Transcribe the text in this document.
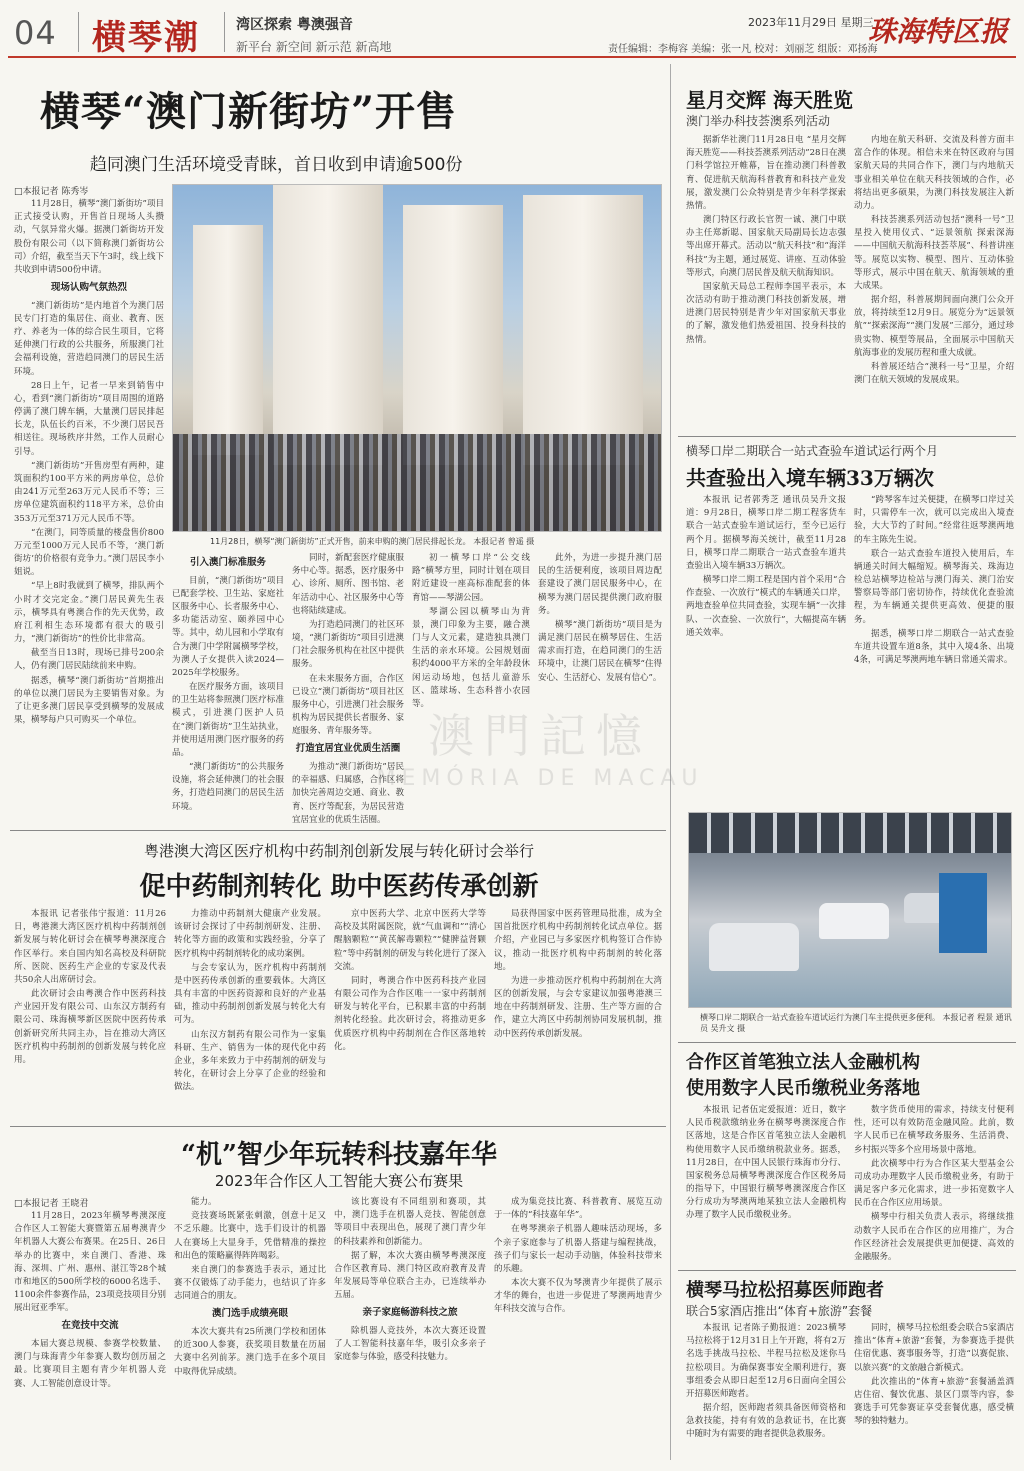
04 横琴潮	湾区探索 粤澳强音
新平台 新空间 新示范 新高地
2023年11月29日 星期三
责任编辑：李梅容 美编：张一凡 校对：刘丽芝 组版：邓扬海
珠海特区报
横琴“澳门新街坊”开售
趋同澳门生活环境受青睐，首日收到申请逾500份
□本报记者 陈秀岑

11月28日，横琴“澳门新街坊”项目正式接受认购，开售首日现场人头攒动，气氛异常火爆。据澳门新街坊开发股份有限公司（以下简称澳门新街坊公司）介绍，截至当天下午3时，线上线下共收到申请500份申请。

现场认购气氛热烈

“澳门新街坊”是内地首个为澳门居民专门打造的集居住、商业、教育、医疗、养老为一体的综合民生项目，它将延伸澳门行政的公共服务，所服澳门社会福利设施，营造趋同澳门的居民生活环境。

28日上午，记者一早来到销售中心，看到“澳门新街坊”项目周围的道路停满了澳门牌车辆，大量澳门居民排起长龙，队伍长约百米，不少澳门居民吾相送往。现场秩序井然，工作人员耐心引导。

“澳门新街坊”开售房型有两种，建筑面积约100平方米的两房单位，总价由241万元至263万元人民币不等；三房单位建筑面积约118平方米，总价由353万元至371万元人民币不等。

“在澳门，同等质量的楼盘售价800万元至1000万元人民币不等，‘澳门新街坊’的价格很有竞争力。”澳门居民李小姐说。

“早上8时我就到了横琴，排队两个小时才交完定金。”澳门居民黄先生表示，横琴具有粤澳合作的先天优势，政府江利相生态环境都有很大的吸引力，“澳门新街坊”的性价比非常高。

截至当日13时，现场已排号200余人，仍有澳门居民陆续前来申购。

据悉，横琴“澳门新街坊”首期推出的单位以澳门居民为主要销售对象。为了让更多澳门居民享受到横琴的发展成果，横琴每户只可购买一个单位。

11月28日，横琴“澳门新街坊”正式开售，前来申购的澳门居民排起长龙。 本报记者 曾遥 摄
引入澳门标准服务

目前，“澳门新街坊”项目已配套学校、卫生站、家庭社区服务中心、长者服务中心、多功能活动室、颐养园中心等。其中，幼儿园和小学取有合为澳门中学附属横琴学校，为澳人子女提供入读2024—2025年学校服务。

在医疗服务方面，该项目的卫生站将参照澳门医疗标准模式，引进澳门医护人员在“澳门新街坊”卫生站执业，并使用适用澳门医疗服务的药品。

“澳门新街坊”的公共服务设施，将会延伸澳门的社会服务，打造趋同澳门的居民生活环境。

同时，新配套医疗健康服务中心等。据悉，医疗服务中心、诊所、厕所、图书馆、老年活动中心、社区服务中心等也将陆续建成。

为打造趋同澳门的社区环境，“澳门新街坊”项目引进澳门社会服务机构在社区中提供服务。

在未来服务方面，合作区已设立“澳门新街坊”项目社区服务中心，引进澳门社会服务机构为居民提供长者服务、家庭服务、青年服务等。

打造宜居宜业优质生活圈

为推动“澳门新街坊”居民的幸福感、归属感，合作区将加快完善周边交通、商业、教育、医疗等配套，为居民营造宜居宜业的优质生活圈。

初一横琴口岸“公交线路”横琴方里，同时计划在项目附近建设一座高标准配套的体育馆——琴湖公园。

琴湖公园以横琴山为背景，澳门印象为主要，融合澳门与人文元素，建造独具澳门生活的亲水环境。公园规划面积约4000平方米的全年龄段休闲运动场地，包括儿童游乐区、篮球场、生态科普小农园等。

此外，为进一步提升澳门居民的生活便利度，该项目周边配套建设了澳门居民服务中心，在横琴为澳门居民提供澳门政府服务。

横琴“澳门新街坊”项目是为满足澳门居民在横琴居住、生活需求而打造，在趋同澳门的生活环境中，让澳门居民在横琴“住得安心、生活舒心、发展有信心”。

粤港澳大湾区医疗机构中药制剂创新发展与转化研讨会举行
促中药制剂转化 助中医药传承创新

本报讯 记者张伟宁报道：11月26日，粤港澳大湾区医疗机构中药制剂创新发展与转化研讨会在横琴粤澳深度合作区举行。来自国内知名高校及科研院所、医院、医药生产企业的专家及代表共50余人出席研讨会。

此次研讨会由粤澳合作中医药科技产业园开发有限公司、山东汉方制药有限公司、珠海横琴新区医院中医药传承创新研究所共同主办，旨在推动大湾区医疗机构中药制剂的创新发展与转化应用。

力推动中药制剂大健康产业发展。该研讨会探讨了中药制剂研发、注册、转化等方面的政策和实践经验，分享了医疗机构中药制剂转化的成功案例。

与会专家认为，医疗机构中药制剂是中医药传承创新的重要载体。大湾区具有丰富的中医药资源和良好的产业基础，推动中药制剂创新发展与转化大有可为。

山东汉方制药有限公司作为一家集科研、生产、销售为一体的现代化中药企业，多年来致力于中药制剂的研发与转化，在研讨会上分享了企业的经验和做法。

京中医药大学、北京中医药大学等高校及其附属医院，就“气血调和”“清心醒脑颗粒”“黄芪解毒颗粒”“健脾益肾颗粒”等中药制剂的研发与转化进行了深入交流。

同时，粤澳合作中医药科技产业园有限公司作为合作区唯一一家中药制剂研发与转化平台，已积累丰富的中药制剂转化经验。此次研讨会，将推动更多优质医疗机构中药制剂在合作区落地转化。

局获得国家中医药管理局批准，成为全国首批医疗机构中药制剂转化试点单位。据介绍，产业园已与多家医疗机构签订合作协议，推动一批医疗机构中药制剂的转化落地。

为进一步推动医疗机构中药制剂在大湾区的创新发展，与会专家建议加强粤港澳三地在中药制剂研发、注册、生产等方面的合作，建立大湾区中药制剂协同发展机制，推动中医药传承创新发展。

“机”智少年玩转科技嘉年华
2023年合作区人工智能大赛公布赛果
□本报记者 王晓君

11月28日，2023年横琴粤澳深度合作区人工智能大赛暨第五届粤澳青少年机器人大赛公布赛果。在25日、26日举办的比赛中，来自澳门、香港、珠海、深圳、广州、惠州、湛江等28个城市和地区的500所学校的6000名选手、1100余件参赛作品，23项竞技项目分别展出冠亚季军。

在竞技中交流

本届大赛总规模、参赛学校数量、澳门与珠海青少年参赛人数均创历届之最。比赛项目主题有青少年机器人竞赛、人工智能创意设计等。

能力。

竞技赛场既紧张刺激，创意十足又不乏乐趣。比赛中，选手们设计的机器人在赛场上大显身手，凭借精准的操控和出色的策略赢得阵阵喝彩。

来自澳门的参赛选手表示，通过比赛不仅锻炼了动手能力，也结识了许多志同道合的朋友。

澳门选手成绩亮眼

本次大赛共有25所澳门学校和团体的近300人参赛，获奖项目数量在历届大赛中名列前茅。澳门选手在多个项目中取得优异成绩。

该比赛设有不同组别和赛项，其中，澳门选手在机器人竞技、智能创意等项目中表现出色，展现了澳门青少年的科技素养和创新能力。

据了解，本次大赛由横琴粤澳深度合作区教育局、澳门特区政府教育及青年发展局等单位联合主办，已连续举办五届。

亲子家庭畅游科技之旅

除机器人竞技外，本次大赛还设置了人工智能科技嘉年华，吸引众多亲子家庭参与体验，感受科技魅力。

成为集竞技比赛、科普教育、展览互动于一体的“科技嘉年华”。

在粤琴澳亲子机器人趣味活动现场，多个亲子家庭参与了机器人搭建与编程挑战，孩子们与家长一起动手动脑，体验科技带来的乐趣。

本次大赛不仅为琴澳青少年提供了展示才华的舞台，也进一步促进了琴澳两地青少年科技交流与合作。

星月交辉 海天胜览
澳门举办科技荟澳系列活动

据新华社澳门11月28日电 “星月交辉 海天胜览——科技荟澳系列活动”28日在澳门科学馆拉开帷幕，旨在推动澳门科普教育、促进航天航海科普教育和科技产业发展，激发澳门公众特别是青少年科学探索热情。

澳门特区行政长官贺一诚、澳门中联办主任郑新聪、国家航天局副局长边志强等出席开幕式。活动以“航天科技”和“海洋科技”为主题，通过展览、讲座、互动体验等形式，向澳门居民普及航天航海知识。

国家航天局总工程师李国平表示，本次活动有助于推动澳门科技创新发展，增进澳门居民特别是青少年对国家航天事业的了解，激发他们热爱祖国、投身科技的热情。

内地在航天科研、交流及科普方面丰富合作的体现。相信未来在特区政府与国家航天局的共同合作下，澳门与内地航天事业相关单位在航天科技领域的合作，必将结出更多硕果，为澳门科技发展注入新动力。

科技荟澳系列活动包括“澳科一号”卫星投入使用仪式、“远景领航 探索深海——中国航天航海科技荟萃展”、科普讲座等。展览以实物、模型、图片、互动体验等形式，展示中国在航天、航海领域的重大成果。

据介绍，科普展期间面向澳门公众开放，将持续至12月9日。展览分为“远景领航”“探索深海”“澳门发展”三部分，通过珍贵实物、模型等展品，全面展示中国航天航海事业的发展历程和重大成就。

科普展还结合“澳科一号”卫星，介绍澳门在航天领域的发展成果。

横琴口岸二期联合一站式查验车道试运行两个月
共查验出入境车辆33万辆次

本报讯 记者郭秀芝 通讯员吴升文报道：9月28日，横琴口岸二期工程客货车联合一站式查验车道试运行，至今已运行两个月。据横琴海关统计，截至11月28日，横琴口岸二期联合一站式查验车道共查验出入境车辆33万辆次。

横琴口岸二期工程是国内首个采用“合作查验、一次放行”模式的车辆通关口岸，两地查验单位共同查验，实现车辆“一次排队、一次查验、一次放行”，大幅提高车辆通关效率。

“跨琴客车过关便捷，在横琴口岸过关时，只需停车一次，就可以完成出入境查验，大大节约了时间。”经常往返琴澳两地的车主陈先生说。

联合一站式查验车道投入使用后，车辆通关时间大幅缩短。横琴海关、珠海边检总站横琴边检站与澳门海关、澳门治安警察局等部门密切协作，持续优化查验流程，为车辆通关提供更高效、便捷的服务。

据悉，横琴口岸二期联合一站式查验车道共设置车道8条，其中入境4条、出境4条，可满足琴澳两地车辆日常通关需求。

横琴口岸二期联合一站式查验车道试运行为澳门车主提供更多便利。 本报记者 程景 通讯员 吴升文 摄
合作区首笔独立法人金融机构
使用数字人民币缴税业务落地

本报讯 记者伍定爱报道：近日，数字人民币税款缴纳业务在横琴粤澳深度合作区落地，这是合作区首笔独立法人金融机构使用数字人民币缴纳税款业务。据悉，11月28日，在中国人民银行珠海市分行、国家税务总局横琴粤澳深度合作区税务局的指导下，中国银行横琴粤澳深度合作区分行成功为琴澳两地某独立法人金融机构办理了数字人民币缴税业务。

数字货币使用的需求，持续支付便利性，还可以有效防范金融风险。此前，数字人民币已在横琴政务服务、生活消费、乡村振兴等多个应用场景中落地。

此次横琴中行为合作区某大型基金公司成功办理数字人民币缴税业务，有助于满足客户多元化需求，进一步拓宽数字人民币在合作区应用场景。

横琴中行相关负责人表示，将继续推动数字人民币在合作区的应用推广，为合作区经济社会发展提供更加便捷、高效的金融服务。

横琴马拉松招募医师跑者
联合5家酒店推出“体育+旅游”套餐

本报讯 记者陈子勤报道：2023横琴马拉松将于12月31日上午开跑，将有2万名选手挑战马拉松、半程马拉松及迷你马拉松项目。为确保赛事安全顺利进行，赛事组委会从即日起至12月6日面向全国公开招募医师跑者。

据介绍，医师跑者须具备医师资格和急救技能，持有有效的急救证书，在比赛中随时为有需要的跑者提供急救服务。

同时，横琴马拉松组委会联合5家酒店推出“体育+旅游”套餐，为参赛选手提供住宿优惠、赛事服务等，打造“以赛促旅、以旅兴赛”的文旅融合新模式。

此次推出的“体育+旅游”套餐涵盖酒店住宿、餐饮优惠、景区门票等内容，参赛选手可凭参赛证享受套餐优惠，感受横琴的独特魅力。

澳門記憶
MEMÓRIA DE MACAU
